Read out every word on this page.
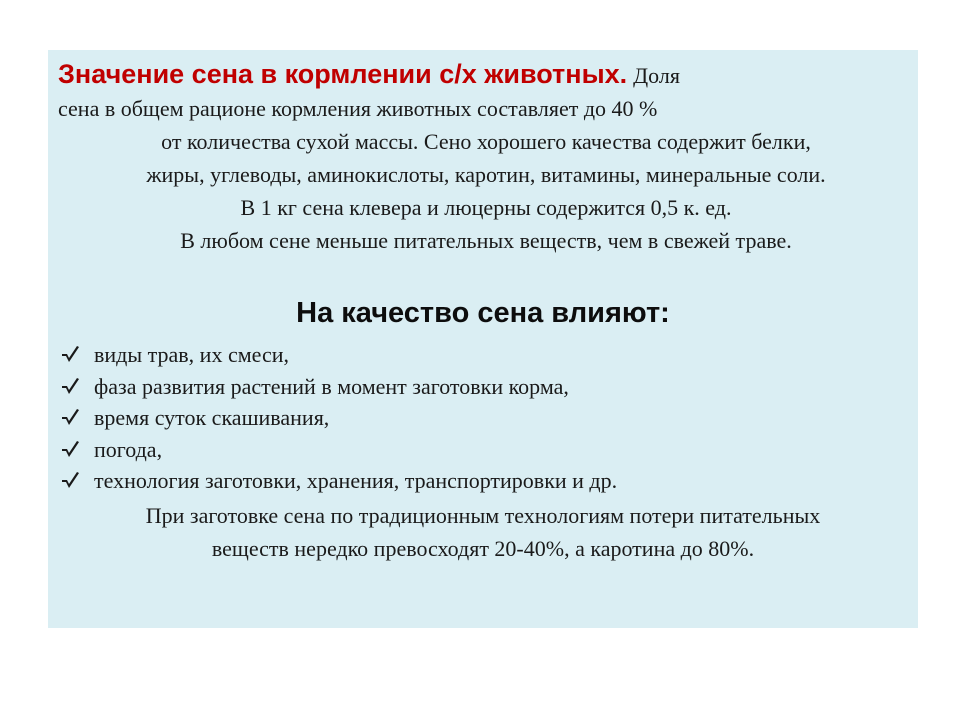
Значение сена в кормлении с/х животных. Доля
сена в общем рационе кормления животных составляет до 40 %
от количества сухой массы. Сено хорошего качества содержит белки,
жиры, углеводы, аминокислоты, каротин, витамины, минеральные соли.
В 1 кг сена клевера и люцерны содержится 0,5 к. ед.
В любом сене меньше питательных веществ, чем в свежей траве.
На качество сена влияют:
виды трав, их смеси,
фаза развития растений в момент заготовки корма,
время суток скашивания,
погода,
технология заготовки, хранения, транспортировки и др.
При заготовке сена по традиционным технологиям потери питательных
веществ нередко превосходят 20-40%, а каротина до 80%.
